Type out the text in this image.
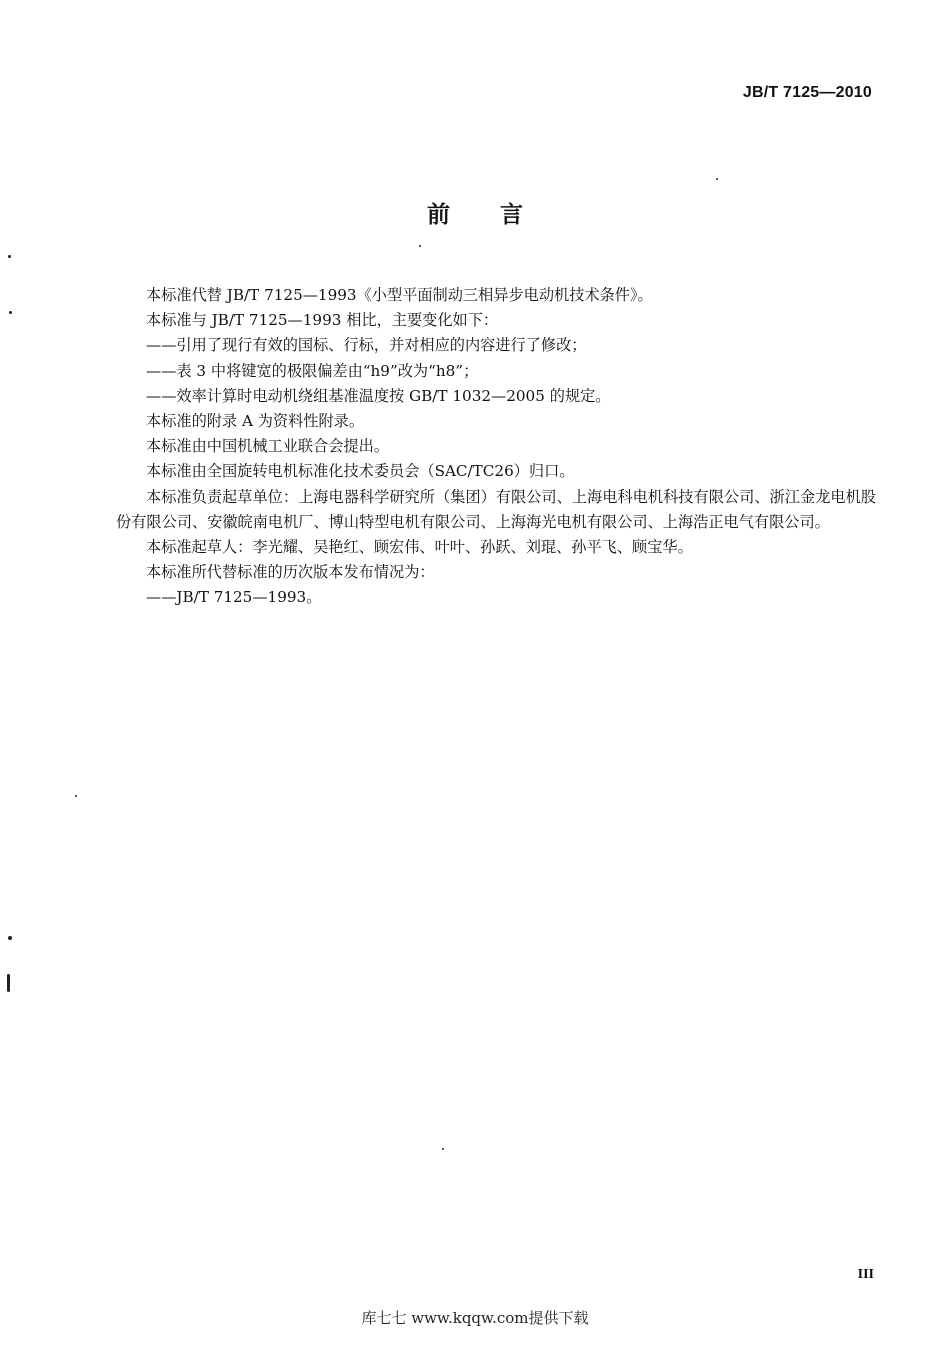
JB/T 7125—2010
前言

本标准代替 JB/T 7125—1993《小型平面制动三相异步电动机技术条件》。

本标准与 JB/T 7125—1993 相比，主要变化如下：

——引用了现行有效的国标、行标，并对相应的内容进行了修改；

——表 3 中将键宽的极限偏差由“h9”改为“h8”；

——效率计算时电动机绕组基准温度按 GB/T 1032—2005 的规定。

本标准的附录 A 为资料性附录。

本标准由中国机械工业联合会提出。

本标准由全国旋转电机标准化技术委员会（SAC/TC26）归口。

本标准负责起草单位：上海电器科学研究所（集团）有限公司、上海电科电机科技有限公司、浙江金龙电机股份有限公司、安徽皖南电机厂、博山特型电机有限公司、上海海光电机有限公司、上海浩正电气有限公司。

本标准起草人：李光耀、吴艳红、顾宏伟、叶叶、孙跃、刘琨、孙平飞、顾宝华。

本标准所代替标准的历次版本发布情况为：

——JB/T 7125—1993。

III
库七七 www.kqqw.com提供下载
